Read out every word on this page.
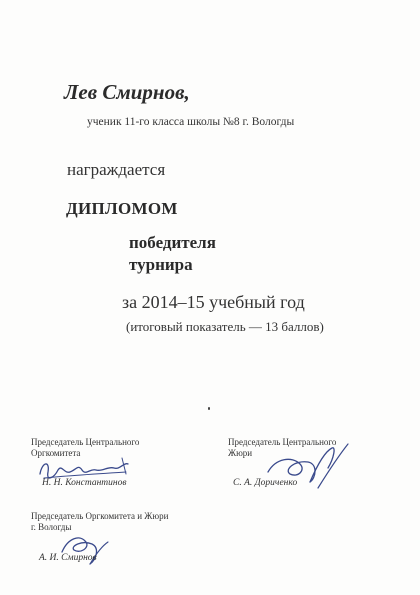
Лев Смирнов,
ученик 11-го класса школы №8 г. Вологды
награждается
ДИПЛОМОМ
победителя
турнира
за 2014–15 учебный год
(итоговый показатель — 13 баллов)
Председатель Центрального
Оргкомитета
Н. Н. Константинов
Председатель Центрального
Жюри
С. А. Дориченко
Председатель Оргкомитета и Жюри
г. Вологды
А. И. Смирнов
